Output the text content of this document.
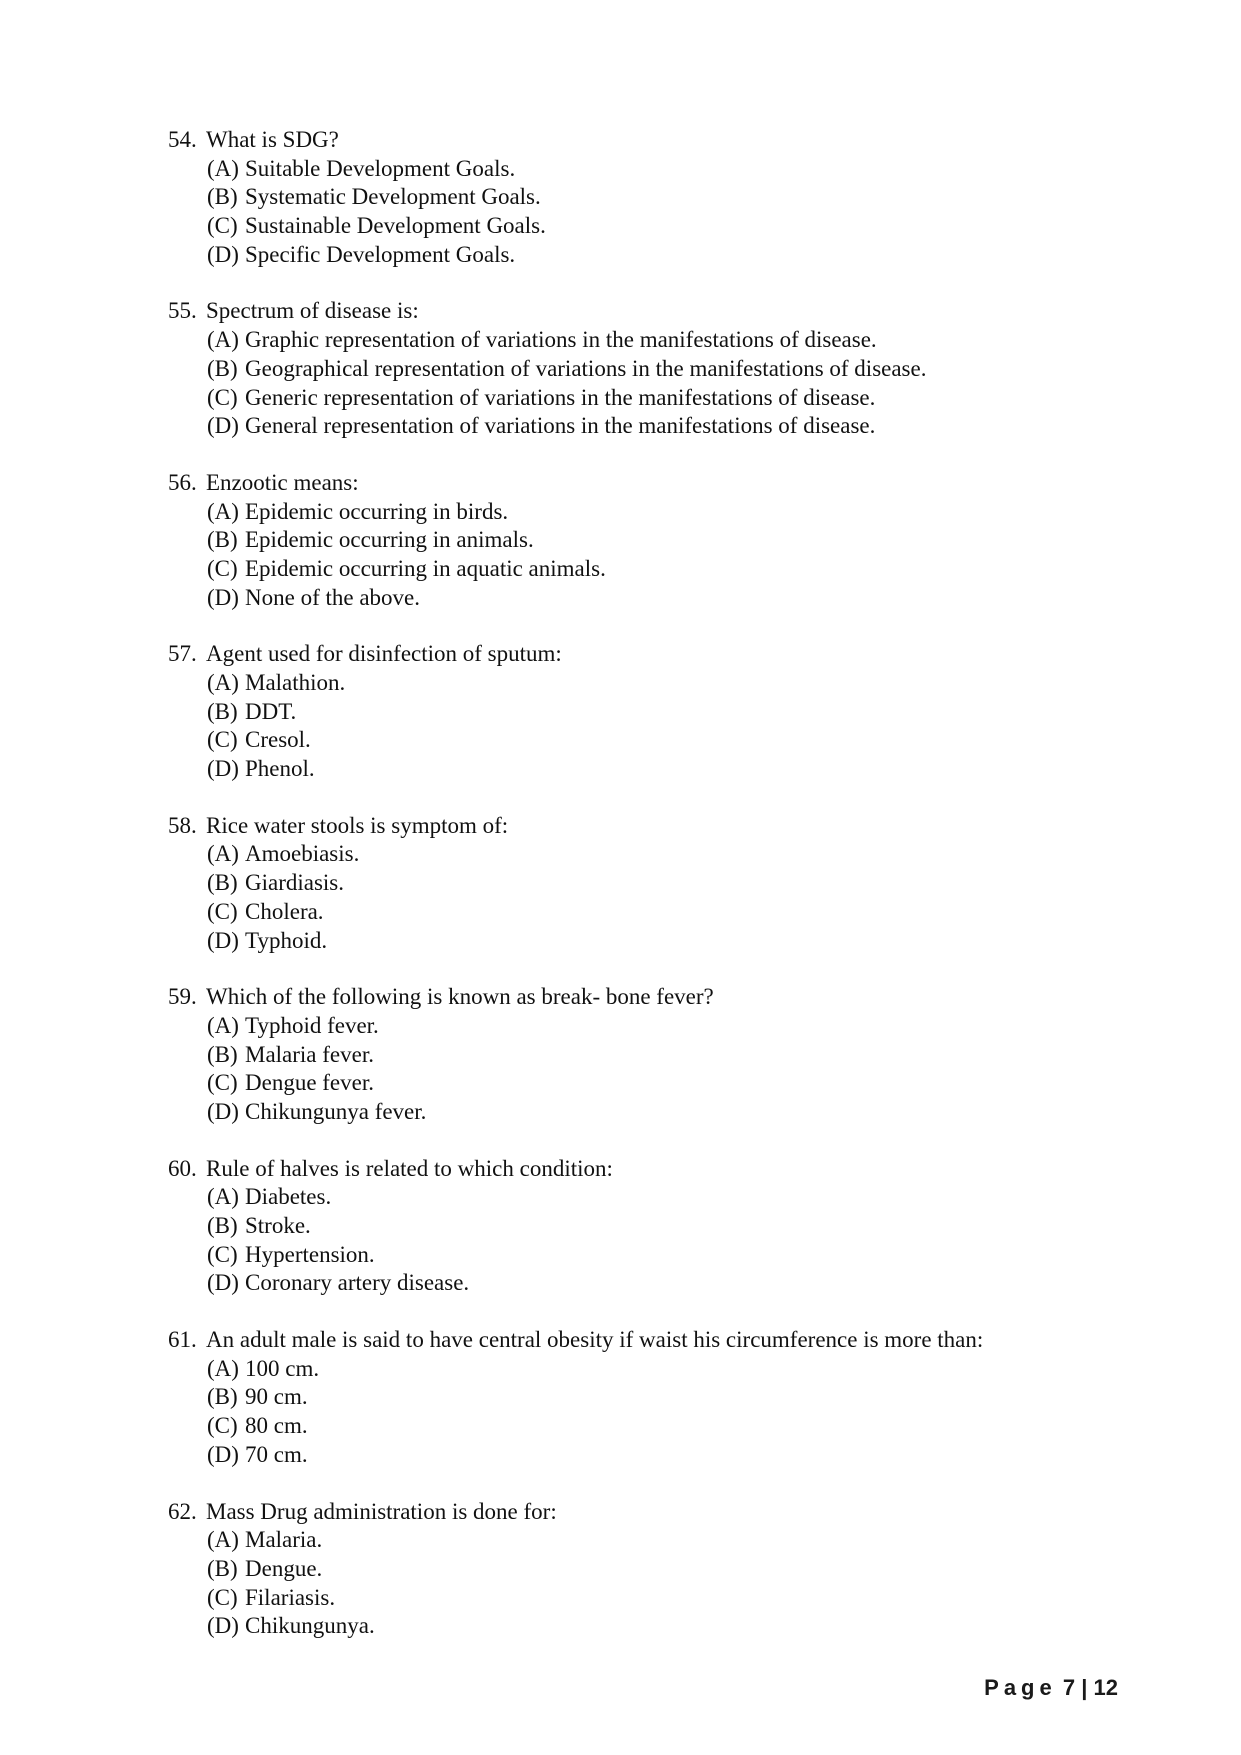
54. What is SDG?
(A) Suitable Development Goals.
(B) Systematic Development Goals.
(C) Sustainable Development Goals.
(D) Specific Development Goals.
55. Spectrum of disease is:
(A) Graphic representation of variations in the manifestations of disease.
(B) Geographical representation of variations in the manifestations of disease.
(C) Generic representation of variations in the manifestations of disease.
(D) General representation of variations in the manifestations of disease.
56. Enzootic means:
(A) Epidemic occurring in birds.
(B) Epidemic occurring in animals.
(C) Epidemic occurring in aquatic animals.
(D) None of the above.
57. Agent used for disinfection of sputum:
(A) Malathion.
(B) DDT.
(C) Cresol.
(D) Phenol.
58. Rice water stools is symptom of:
(A) Amoebiasis.
(B) Giardiasis.
(C) Cholera.
(D) Typhoid.
59. Which of the following is known as break- bone fever?
(A) Typhoid fever.
(B) Malaria fever.
(C) Dengue fever.
(D) Chikungunya fever.
60. Rule of halves is related to which condition:
(A) Diabetes.
(B) Stroke.
(C) Hypertension.
(D) Coronary artery disease.
61. An adult male is said to have central obesity if waist his circumference is more than:
(A) 100 cm.
(B) 90 cm.
(C) 80 cm.
(D) 70 cm.
62. Mass Drug administration is done for:
(A) Malaria.
(B) Dengue.
(C) Filariasis.
(D) Chikungunya.
Page 7 | 12
